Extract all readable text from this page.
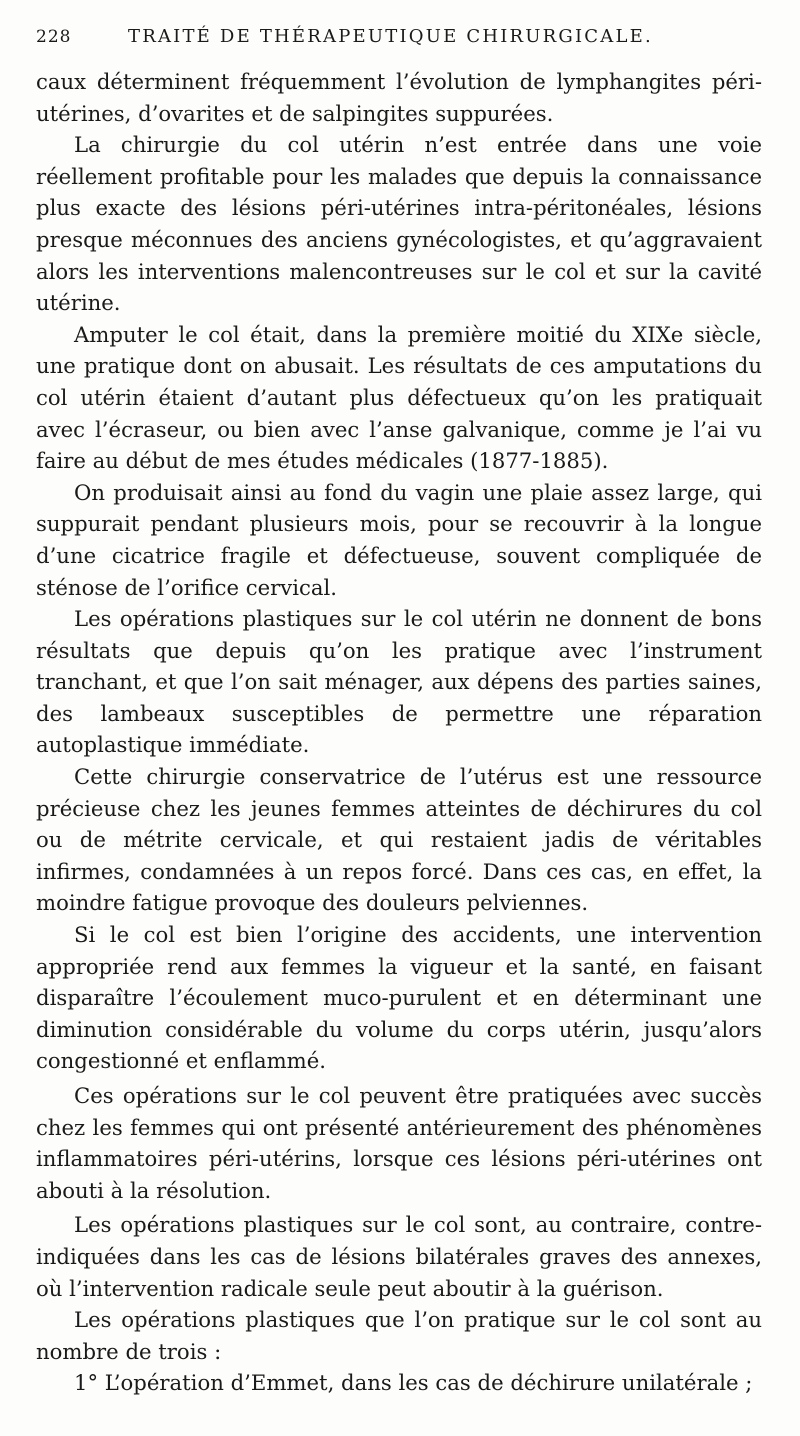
228	TRAITÉ DE THÉRAPEUTIQUE CHIRURGICALE.

caux déterminent fréquemment l’évolution de lymphangites péri-utérines, d’ovarites et de salpingites suppurées.

La chirurgie du col utérin n’est entrée dans une voie réellement profitable pour les malades que depuis la connaissance plus exacte des lésions péri-utérines intra-péritonéales, lésions presque méconnues des anciens gynécologistes, et qu’aggravaient alors les interventions malencontreuses sur le col et sur la cavité utérine.

Amputer le col était, dans la première moitié du XIXe siècle, une pratique dont on abusait. Les résultats de ces amputations du col utérin étaient d’autant plus défectueux qu’on les pratiquait avec l’écraseur, ou bien avec l’anse galvanique, comme je l’ai vu faire au début de mes études médicales (1877-1885).

On produisait ainsi au fond du vagin une plaie assez large, qui suppurait pendant plusieurs mois, pour se recouvrir à la longue d’une cicatrice fragile et défectueuse, souvent compliquée de sténose de l’orifice cervical.

Les opérations plastiques sur le col utérin ne donnent de bons résultats que depuis qu’on les pratique avec l’instrument tranchant, et que l’on sait ménager, aux dépens des parties saines, des lambeaux susceptibles de permettre une réparation autoplastique immédiate.

Cette chirurgie conservatrice de l’utérus est une ressource précieuse chez les jeunes femmes atteintes de déchirures du col ou de métrite cervicale, et qui restaient jadis de véritables infirmes, condamnées à un repos forcé. Dans ces cas, en effet, la moindre fatigue provoque des douleurs pelviennes.

Si le col est bien l’origine des accidents, une intervention appropriée rend aux femmes la vigueur et la santé, en faisant disparaître l’écoulement muco-purulent et en déterminant une diminution considérable du volume du corps utérin, jusqu’alors congestionné et enflammé.

Ces opérations sur le col peuvent être pratiquées avec succès chez les femmes qui ont présenté antérieurement des phénomènes inflammatoires péri-utérins, lorsque ces lésions péri-utérines ont abouti à la résolution.

Les opérations plastiques sur le col sont, au contraire, contre-indiquées dans les cas de lésions bilatérales graves des annexes, où l’intervention radicale seule peut aboutir à la guérison.

Les opérations plastiques que l’on pratique sur le col sont au nombre de trois :

1° L’opération d’Emmet, dans les cas de déchirure unilatérale ;
